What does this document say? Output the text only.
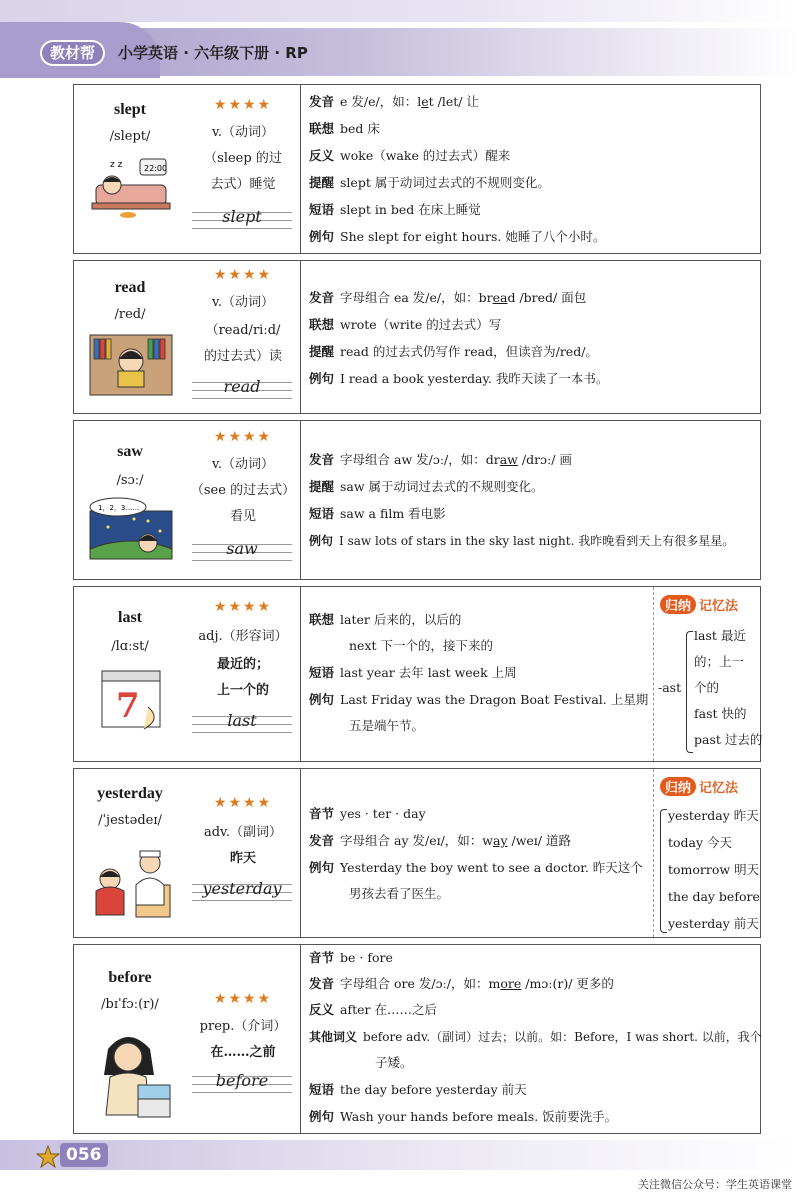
教材帮	小学英语 · 六年级下册 · RP
slept
/slept/
22:00
z z
★★★★
v.（动词）
（sleep 的过
去式）睡觉
slept
发音 e 发/e/，如：let /let/ 让
联想 bed 床
反义 woke（wake 的过去式）醒来
提醒 slept 属于动词过去式的不规则变化。
短语 slept in bed 在床上睡觉
例句 She slept for eight hours. 她睡了八个小时。
read
/red/
★★★★
v.（动词）
（read/riːd/
的过去式）读
read
发音 字母组合 ea 发/e/，如：bread /bred/ 面包
联想 wrote（write 的过去式）写
提醒 read 的过去式仍写作 read，但读音为/red/。
例句 I read a book yesterday. 我昨天读了一本书。
saw
/sɔː/
1，2，3……
★★★★
v.（动词）
（see 的过去式）
看见
saw
发音 字母组合 aw 发/ɔː/，如：draw /drɔː/ 画
提醒 saw 属于动词过去式的不规则变化。
短语 saw a film 看电影
例句 I saw lots of stars in the sky last night. 我昨晚看到天上有很多星星。
last
/lɑːst/
7
★★★★
adj.（形容词）
最近的；
上一个的
last
联想 later 后来的，以后的
next 下一个的，接下来的
短语 last year 去年 last week 上周
例句 Last Friday was the Dragon Boat Festival. 上星期
五是端午节。
归纳 记忆法
-ast
last 最近
的；上一
个的
fast 快的
past 过去的
yesterday
/ˈjestədeɪ/
★★★★
adv.（副词）
昨天
yesterday
音节 yes · ter · day
发音 字母组合 ay 发/eɪ/，如：way /weɪ/ 道路
例句 Yesterday the boy went to see a doctor. 昨天这个
男孩去看了医生。
归纳 记忆法
yesterday 昨天
today 今天
tomorrow 明天
the day before
yesterday 前天
before
/bɪˈfɔː(r)/	★★★★
prep.（介词）
在……之前
before
音节 be · fore
发音 字母组合 ore 发/ɔː/，如：more /mɔː(r)/ 更多的
反义 after 在……之后
其他词义 before adv.（副词）过去；以前。如：Before，I was short. 以前，我个
子矮。
短语 the day before yesterday 前天
例句 Wash your hands before meals. 饭前要洗手。
056
关注微信公众号：学生英语课堂
